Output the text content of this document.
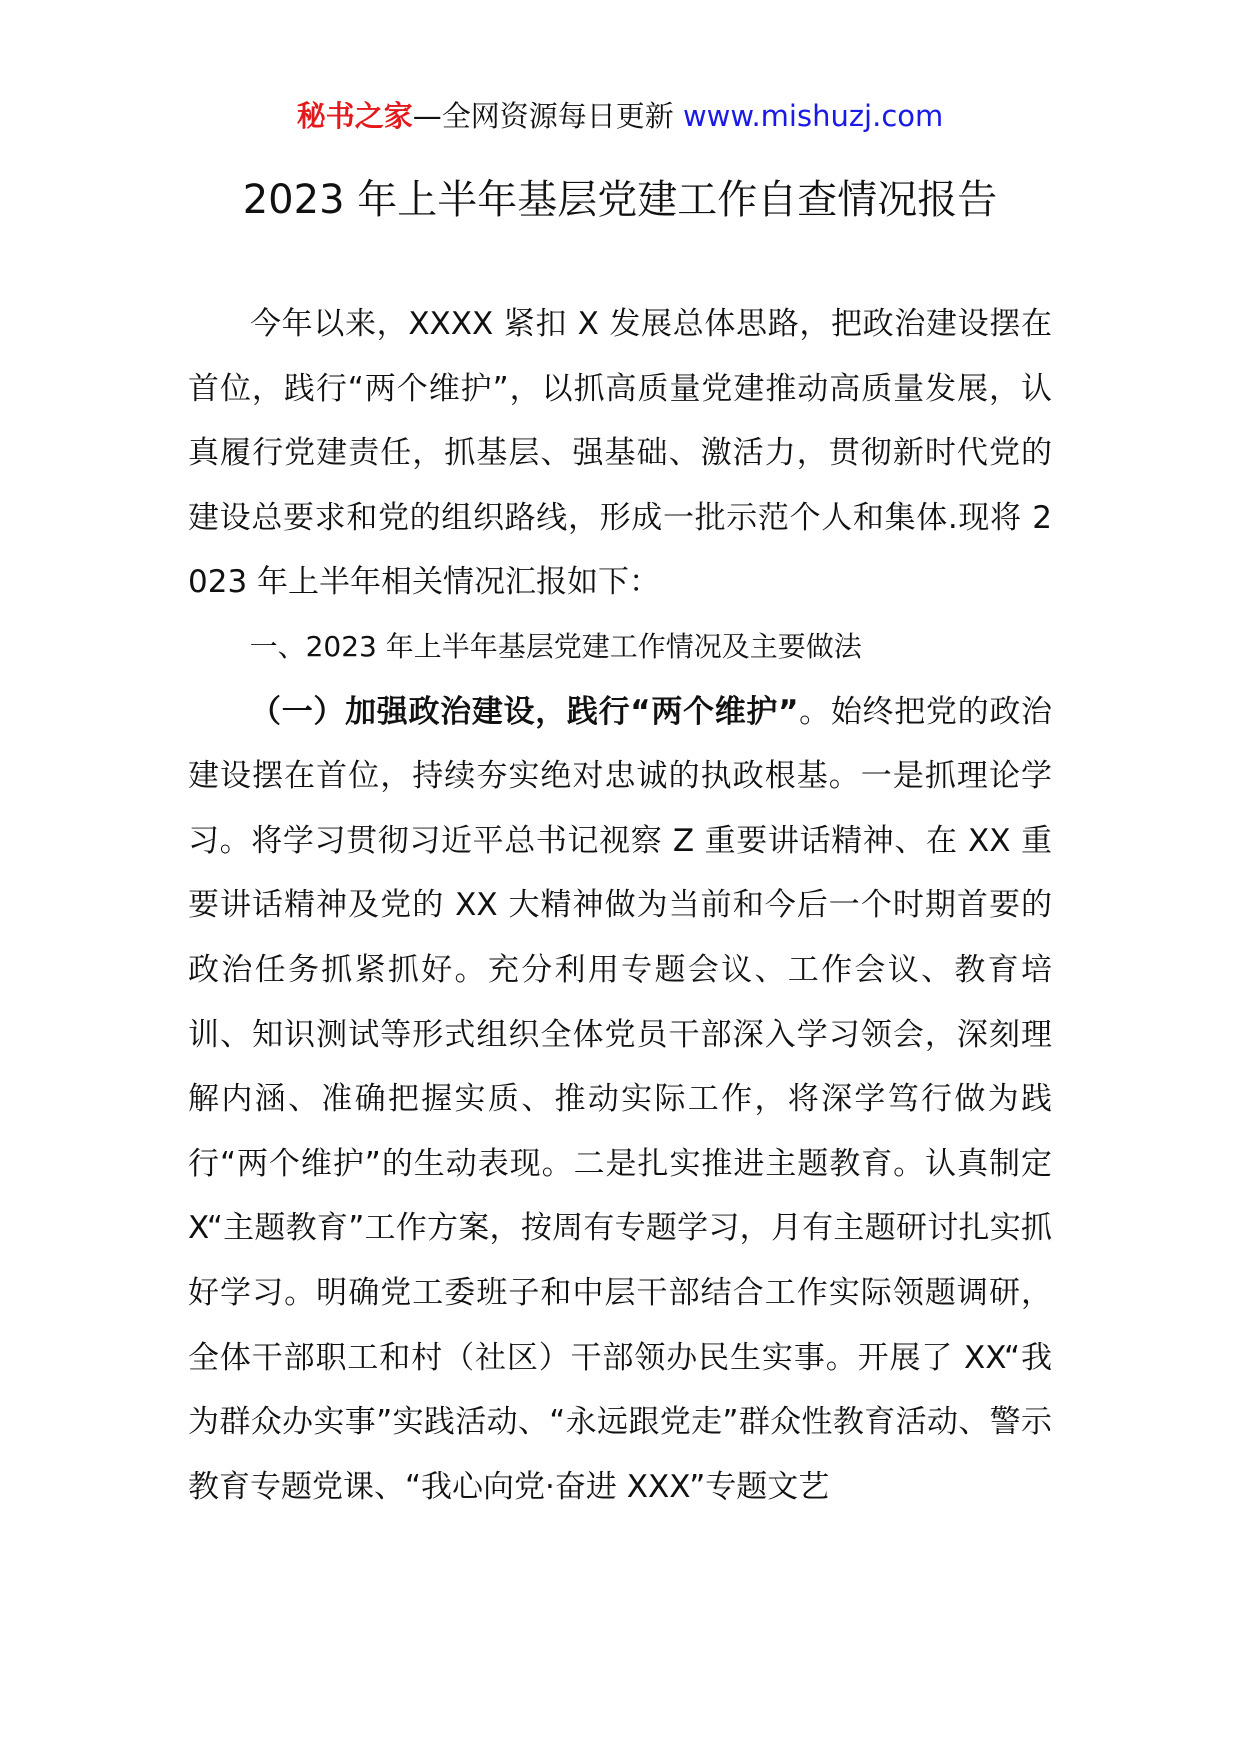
秘书之家—全网资源每日更新 www.mishuzj.com
2023 年上半年基层党建工作自查情况报告

今年以来，XXXX 紧扣 X 发展总体思路，把政治建设摆在首位，践行“两个维护”，以抓高质量党建推动高质量发展，认真履行党建责任，抓基层、强基础、激活力，贯彻新时代党的建设总要求和党的组织路线，形成一批示范个人和集体.现将 2023 年上半年相关情况汇报如下：

一、2023 年上半年基层党建工作情况及主要做法

（一）加强政治建设，践行“两个维护”。始终把党的政治建设摆在首位，持续夯实绝对忠诚的执政根基。一是抓理论学习。将学习贯彻习近平总书记视察 Z 重要讲话精神、在 XX 重要讲话精神及党的 XX 大精神做为当前和今后一个时期首要的政治任务抓紧抓好。充分利用专题会议、工作会议、教育培训、知识测试等形式组织全体党员干部深入学习领会，深刻理解内涵、准确把握实质、推动实际工作，将深学笃行做为践行“两个维护”的生动表现。二是扎实推进主题教育。认真制定 X“主题教育”工作方案，按周有专题学习，月有主题研讨扎实抓好学习。明确党工委班子和中层干部结合工作实际领题调研，全体干部职工和村（社区）干部领办民生实事。开展了 XX“我为群众办实事”实践活动、“永远跟党走”群众性教育活动、警示教育专题党课、“我心向党·奋进 XXX”专题文艺
